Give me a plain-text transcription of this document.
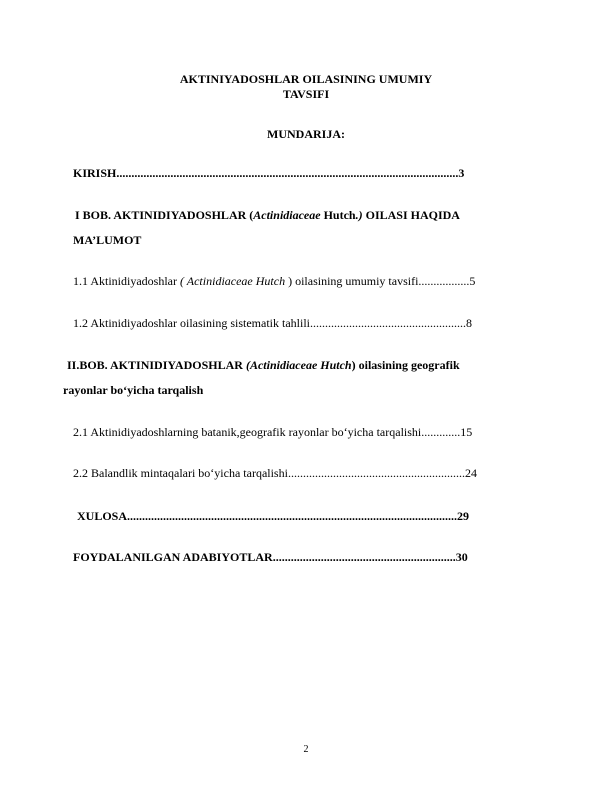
AKTINIYADOSHLAR OILASINING UMUMIY
TAVSIFI
MUNDARIJA:
KIRISH..................................................................................................................3
I BOB. AKTINIDIYADOSHLAR (Actinidiaceae Hutch.) OILASI HAQIDA
MA’LUMOT
1.1 Aktinidiyadoshlar ( Actinidiaceae Hutch ) oilasining umumiy tavsifi.................5
1.2 Aktinidiyadoshlar oilasining sistematik tahlili....................................................8
II.BOB. AKTINIDIYADOSHLAR (Actinidiaceae Hutch) oilasining geografik
rayonlar bo‘yicha tarqalish
2.1 Aktinidiyadoshlarning batanik,geografik rayonlar bo‘yicha tarqalishi.............15
2.2 Balandlik mintaqalari bo‘yicha tarqalishi...........................................................24
XULOSA..............................................................................................................29
FOYDALANILGAN ADABIYOTLAR.............................................................30
2
